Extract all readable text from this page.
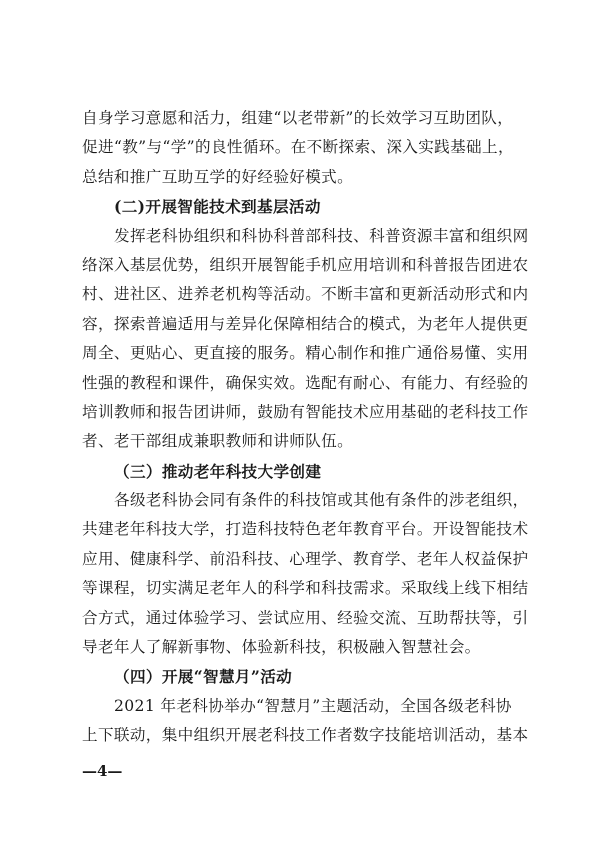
自身学习意愿和活力，组建“以老带新”的长效学习互助团队，
促进“教”与“学”的良性循环。在不断探索、深入实践基础上，
总结和推广互助互学的好经验好模式。
(二)开展智能技术到基层活动
发挥老科协组织和科协科普部科技、科普资源丰富和组织网
络深入基层优势，组织开展智能手机应用培训和科普报告团进农
村、进社区、进养老机构等活动。不断丰富和更新活动形式和内
容，探索普遍适用与差异化保障相结合的模式，为老年人提供更
周全、更贴心、更直接的服务。精心制作和推广通俗易懂、实用
性强的教程和课件，确保实效。选配有耐心、有能力、有经验的
培训教师和报告团讲师，鼓励有智能技术应用基础的老科技工作
者、老干部组成兼职教师和讲师队伍。
（三）推动老年科技大学创建
各级老科协会同有条件的科技馆或其他有条件的涉老组织，
共建老年科技大学，打造科技特色老年教育平台。开设智能技术
应用、健康科学、前沿科技、心理学、教育学、老年人权益保护
等课程，切实满足老年人的科学和科技需求。采取线上线下相结
合方式，通过体验学习、尝试应用、经验交流、互助帮扶等，引
导老年人了解新事物、体验新科技，积极融入智慧社会。
（四）开展“智慧月”活动
2021 年老科协举办“智慧月”主题活动，全国各级老科协
上下联动，集中组织开展老科技工作者数字技能培训活动，基本
—4—
